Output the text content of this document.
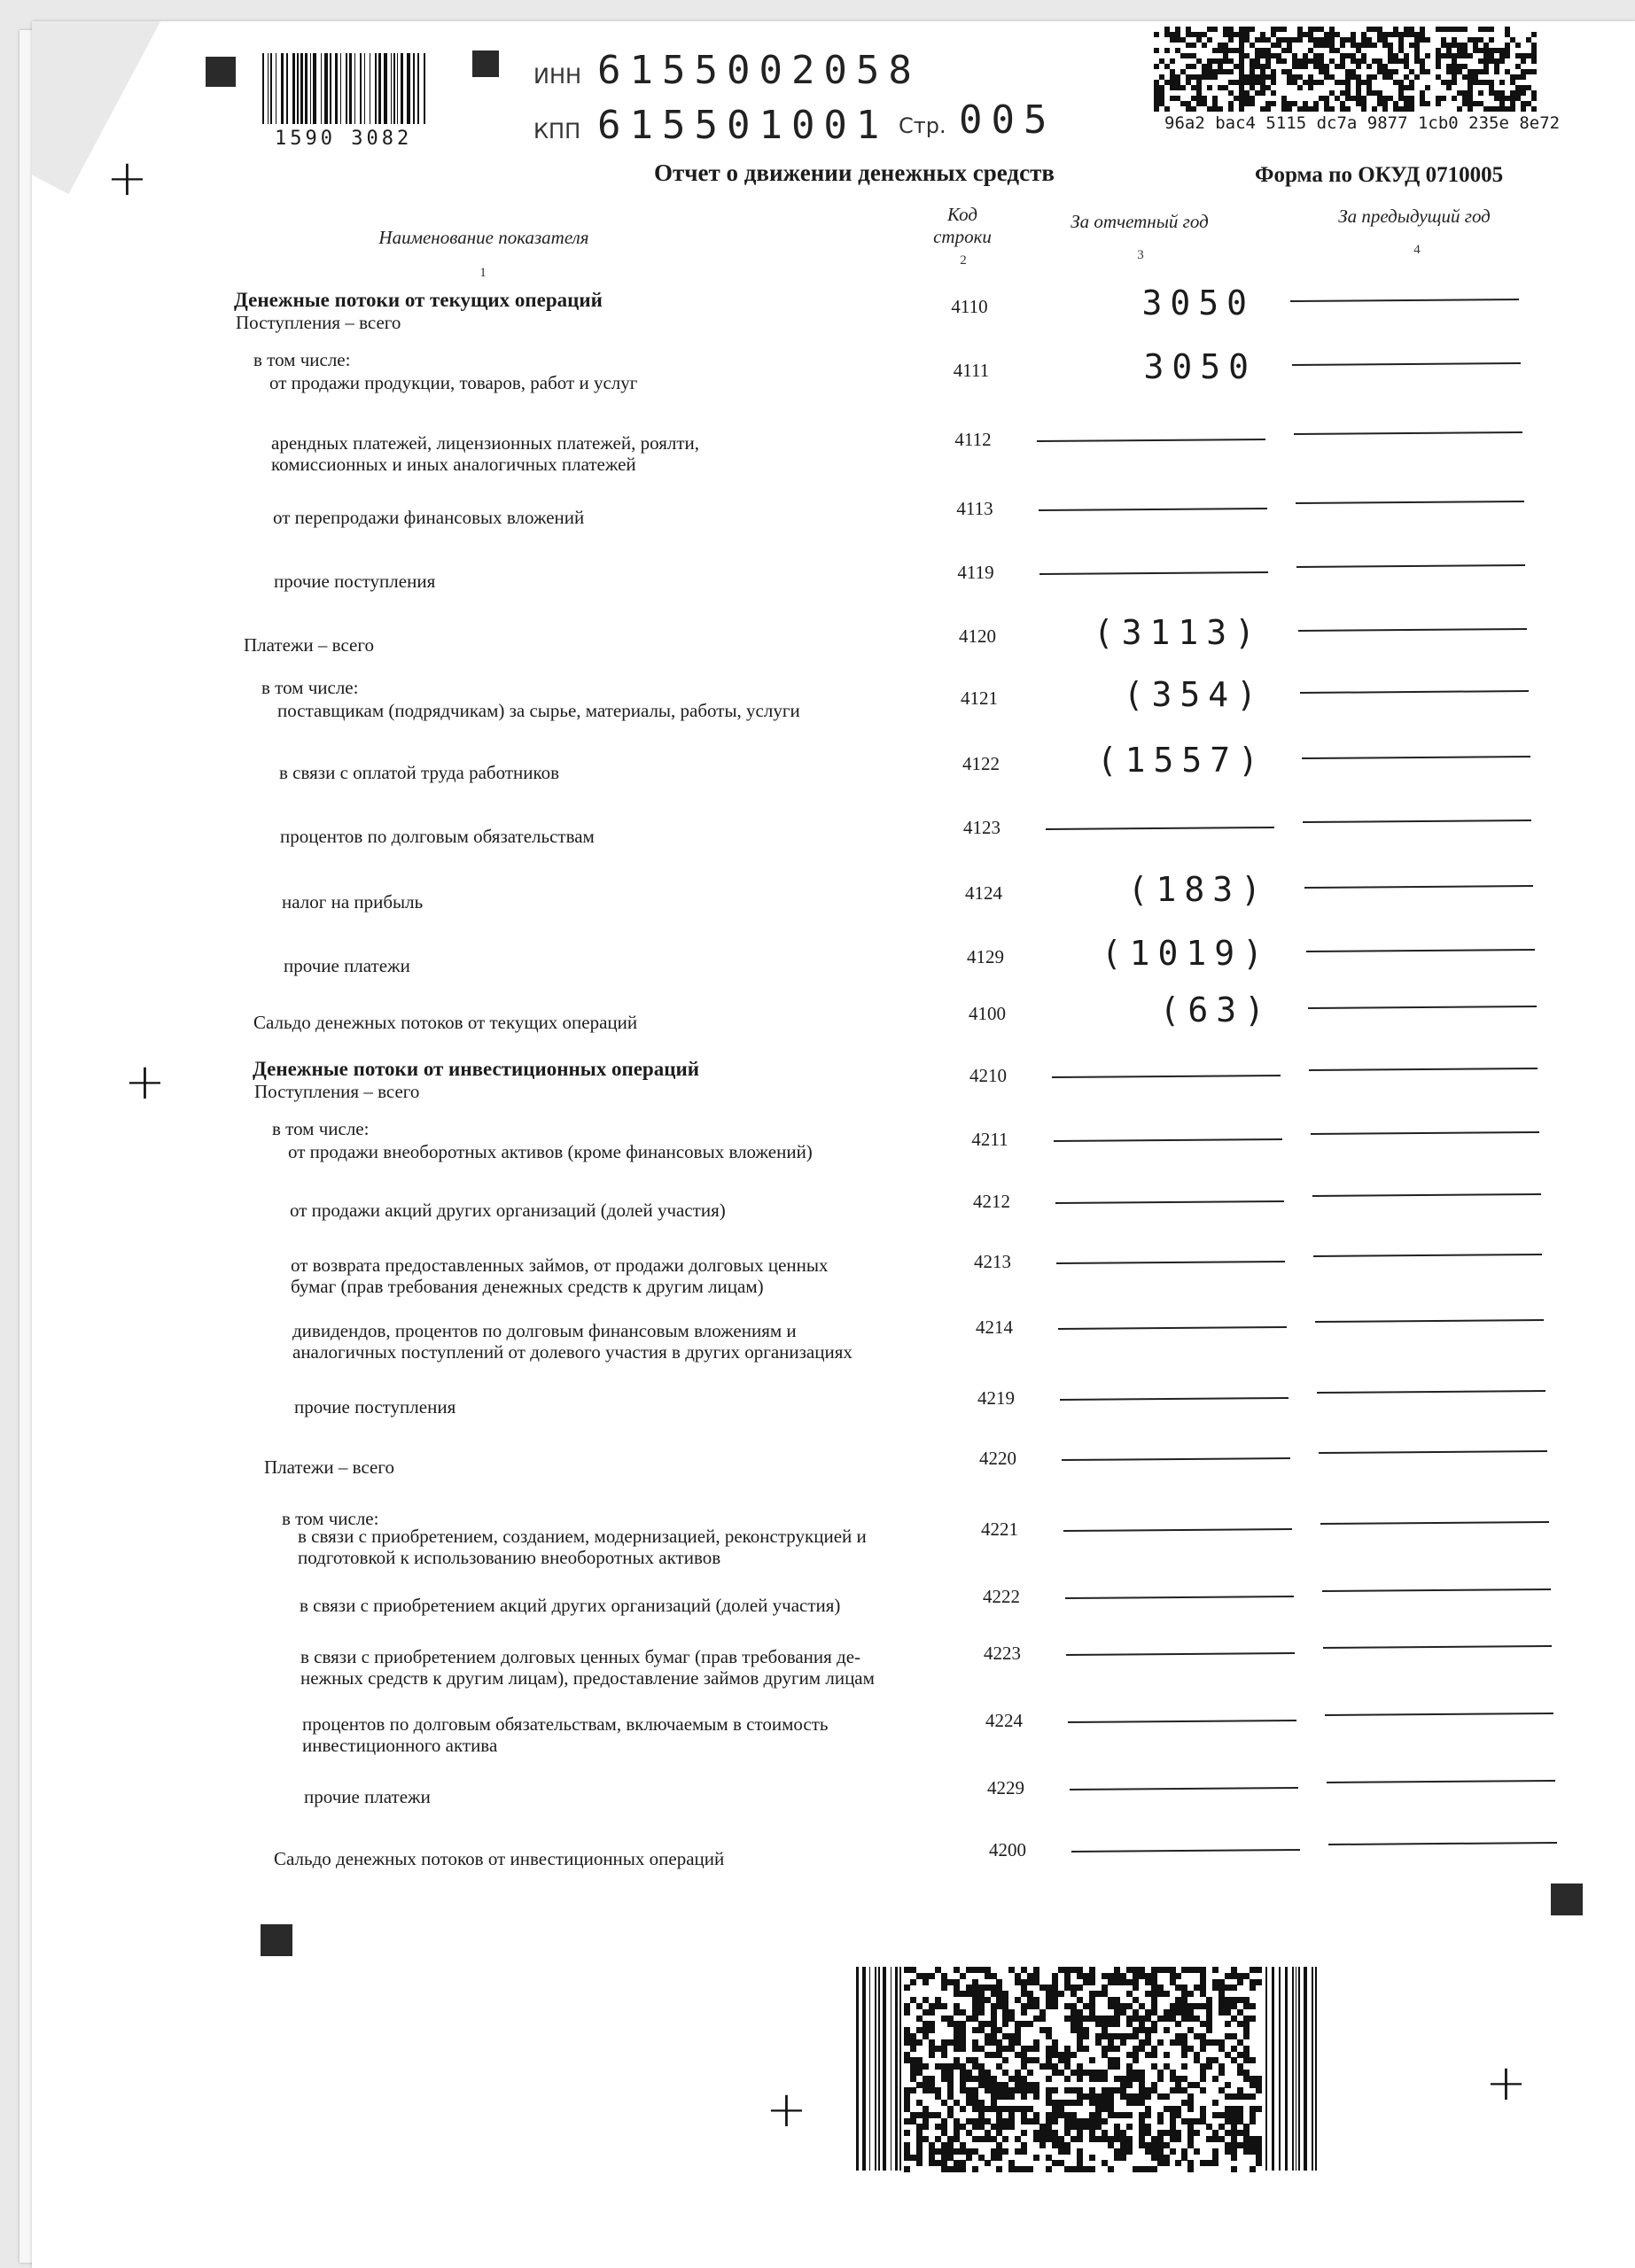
1590 3082
ИНН 6155002058
КПП 615501001 Стр. 005	96a2 bac4 5115 dc7a 9877 1cb0 235e 8e72
+
+
+	+
Отчет о движении денежных средств	Форма по ОКУД 0710005
Наименование показателя
1
Код строки
2
За отчетный год
3
За предыдущий год
4
Денежные потоки от текущих операций
Поступления – всего
4110	3050
в том числе:
от продажи продукции, товаров, работ и услуг
4111	3050
арендных платежей, лицензионных платежей, роялти,
комиссионных и иных аналогичных платежей
4112
от перепродажи финансовых вложений	4113
прочие поступления	4119
Платежи – всего	4120	(3113)
в том числе:
поставщикам (подрядчикам) за сырье, материалы, работы, услуги
4121	(354)
в связи с оплатой труда работников	4122	(1557)
процентов по долговым обязательствам	4123
налог на прибыль	4124	(183)
прочие платежи	4129	(1019)
Сальдо денежных потоков от текущих операций	4100	(63)
Денежные потоки от инвестиционных операций
Поступления – всего
4210
в том числе:
от продажи внеоборотных активов (кроме финансовых вложений)
4211
от продажи акций других организаций (долей участия)	4212
от возврата предоставленных займов, от продажи долговых ценных
бумаг (прав требования денежных средств к другим лицам)
4213
дивидендов, процентов по долговым финансовым вложениям и
аналогичных поступлений от долевого участия в других организациях
4214
прочие поступления	4219
Платежи – всего	4220
в том числе:
в связи с приобретением, созданием, модернизацией, реконструкцией и
подготовкой к использованию внеоборотных активов
4221
в связи с приобретением акций других организаций (долей участия)	4222
в связи с приобретением долговых ценных бумаг (прав требования де-
нежных средств к другим лицам), предоставление займов другим лицам
4223
процентов по долговым обязательствам, включаемым в стоимость
инвестиционного актива
4224
прочие платежи	4229
Сальдо денежных потоков от инвестиционных операций	4200
